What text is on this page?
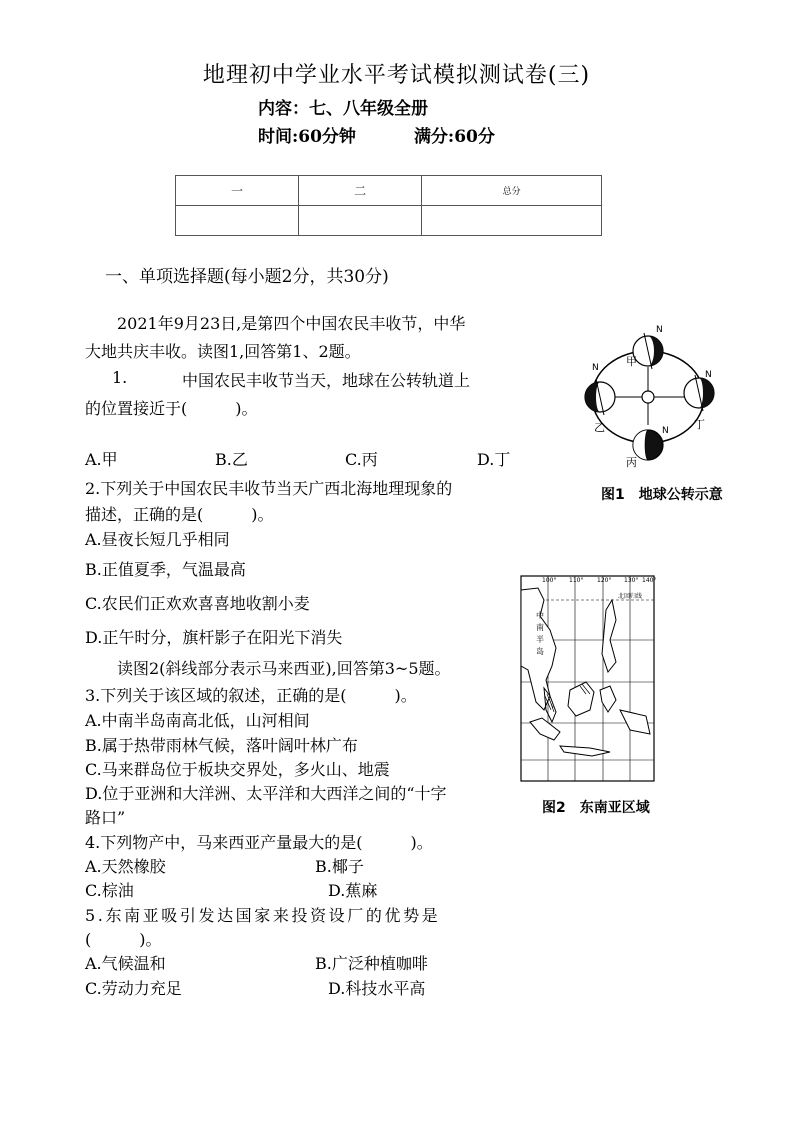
地理初中学业水平考试模拟测试卷(三)
内容：七、八年级全册
时间:60分钟	满分:60分
一	二	总分

一、单项选择题(每小题2分，共30分)
2021年9月23日,是第四个中国农民丰收节，中华
大地共庆丰收。读图1,回答第1、2题。
1.	中国农民丰收节当天，地球在公转轨道上
的位置接近于(　　　)。
A.甲	B.乙	C.丙	D.丁
2.下列关于中国农民丰收节当天广西北海地理现象的
描述，正确的是(　　　)。
A.昼夜长短几乎相同
B.正值夏季，气温最高
C.农民们正欢欢喜喜地收割小麦
D.正午时分，旗杆影子在阳光下消失
读图2(斜线部分表示马来西亚),回答第3~5题。
3.下列关于该区域的叙述，正确的是(　　　)。
A.中南半岛南高北低，山河相间
B.属于热带雨林气候，落叶阔叶林广布
C.马来群岛位于板块交界处，多火山、地震
D.位于亚洲和大洋洲、太平洋和大西洋之间的“十字
路口”
4.下列物产中，马来西亚产量最大的是(　　　)。
A.天然橡胶	B.椰子
C.棕油	D.蕉麻
5.东南亚吸引发达国家来投资设厂的优势是
(　　　)。
A.气候温和	B.广泛种植咖啡
C.劳动力充足	D.科技水平高
甲
乙
丙
丁
N
N
N
N
图1　地球公转示意
100° 110° 120° 130° 140°
北回归线
中
南
半
岛
图2　东南亚区域
